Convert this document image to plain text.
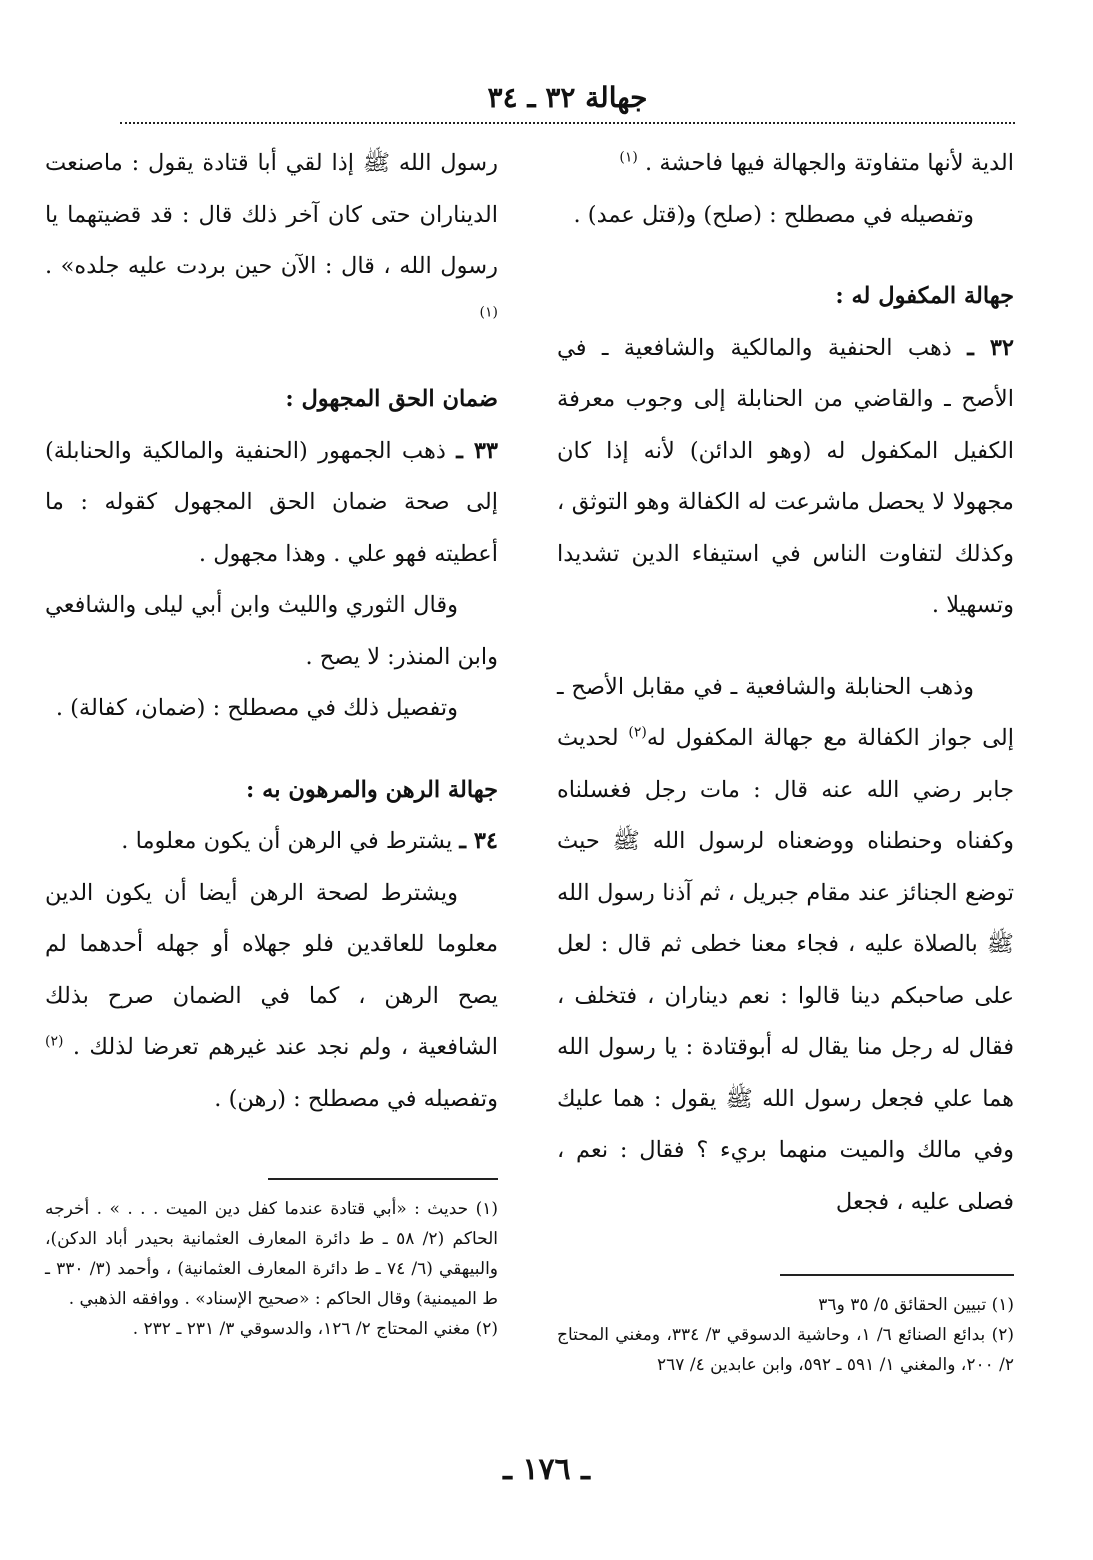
جهالة ٣٢ ـ ٣٤

الدية لأنها متفاوتة والجهالة فيها فاحشة . $^{(١)}$

وتفصيله في مصطلح : (صلح) و(قتل عمد) .

جهالة المكفول له :

٣٢ ـ ذهب الحنفية والمالكية والشافعية ـ في الأصح ـ والقاضي من الحنابلة إلى وجوب معرفة الكفيل المكفول له (وهو الدائن) لأنه إذا كان مجهولا لا يحصل ماشرعت له الكفالة وهو التوثق ، وكذلك لتفاوت الناس في استيفاء الدين تشديدا وتسهيلا .

وذهب الحنابلة والشافعية ـ في مقابل الأصح ـ إلى جواز الكفالة مع جهالة المكفول له$^{(٢)}$ لحديث جابر رضي الله عنه قال : مات رجل فغسلناه وكفناه وحنطناه ووضعناه لرسول الله ﷺ حيث توضع الجنائز عند مقام جبريل ، ثم آذنا رسول الله ﷺ بالصلاة عليه ، فجاء معنا خطى ثم قال : لعل على صاحبكم دينا قالوا : نعم ديناران ، فتخلف ، فقال له رجل منا يقال له أبوقتادة : يا رسول الله هما علي فجعل رسول الله ﷺ يقول : هما عليك وفي مالك والميت منهما بريء ؟ فقال : نعم ، فصلى عليه ، فجعل

رسول الله ﷺ إذا لقي أبا قتادة يقول : ماصنعت الديناران حتى كان آخر ذلك قال : قد قضيتهما يا رسول الله ، قال : الآن حين بردت عليه جلده» . $^{(١)}$

ضمان الحق المجهول :

٣٣ ـ ذهب الجمهور (الحنفية والمالكية والحنابلة) إلى صحة ضمان الحق المجهول كقوله : ما أعطيته فهو علي . وهذا مجهول .

وقال الثوري والليث وابن أبي ليلى والشافعي وابن المنذر: لا يصح .

وتفصيل ذلك في مصطلح : (ضمان، كفالة) .

جهالة الرهن والمرهون به :

٣٤ ـ يشترط في الرهن أن يكون معلوما .

ويشترط لصحة الرهن أيضا أن يكون الدين معلوما للعاقدين فلو جهلاه أو جهله أحدهما لم يصح الرهن ، كما في الضمان صرح بذلك الشافعية ، ولم نجد عند غيرهم تعرضا لذلك . $^{(٢)}$ وتفصيله في مصطلح : (رهن) .

(١) تبيين الحقائق ٥/ ٣٥ و٣٦

(٢) بدائع الصنائع ٦/ ١، وحاشية الدسوقي ٣/ ٣٣٤، ومغني المحتاج ٢/ ٢٠٠، والمغني ١/ ٥٩١ ـ ٥٩٢، وابن عابدين ٤/ ٢٦٧

(١) حديث : «أبي قتادة عندما كفل دين الميت . . . » . أخرجه الحاكم (٢/ ٥٨ ـ ط دائرة المعارف العثمانية بحيدر أباد الدكن)، والبيهقي (٦/ ٧٤ ـ ط دائرة المعارف العثمانية) ، وأحمد (٣/ ٣٣٠ ـ ط الميمنية) وقال الحاكم : «صحيح الإسناد» . ووافقه الذهبي .

(٢) مغني المحتاج ٢/ ١٢٦، والدسوقي ٣/ ٢٣١ ـ ٢٣٢ .

ـ ١٧٦ ـ
